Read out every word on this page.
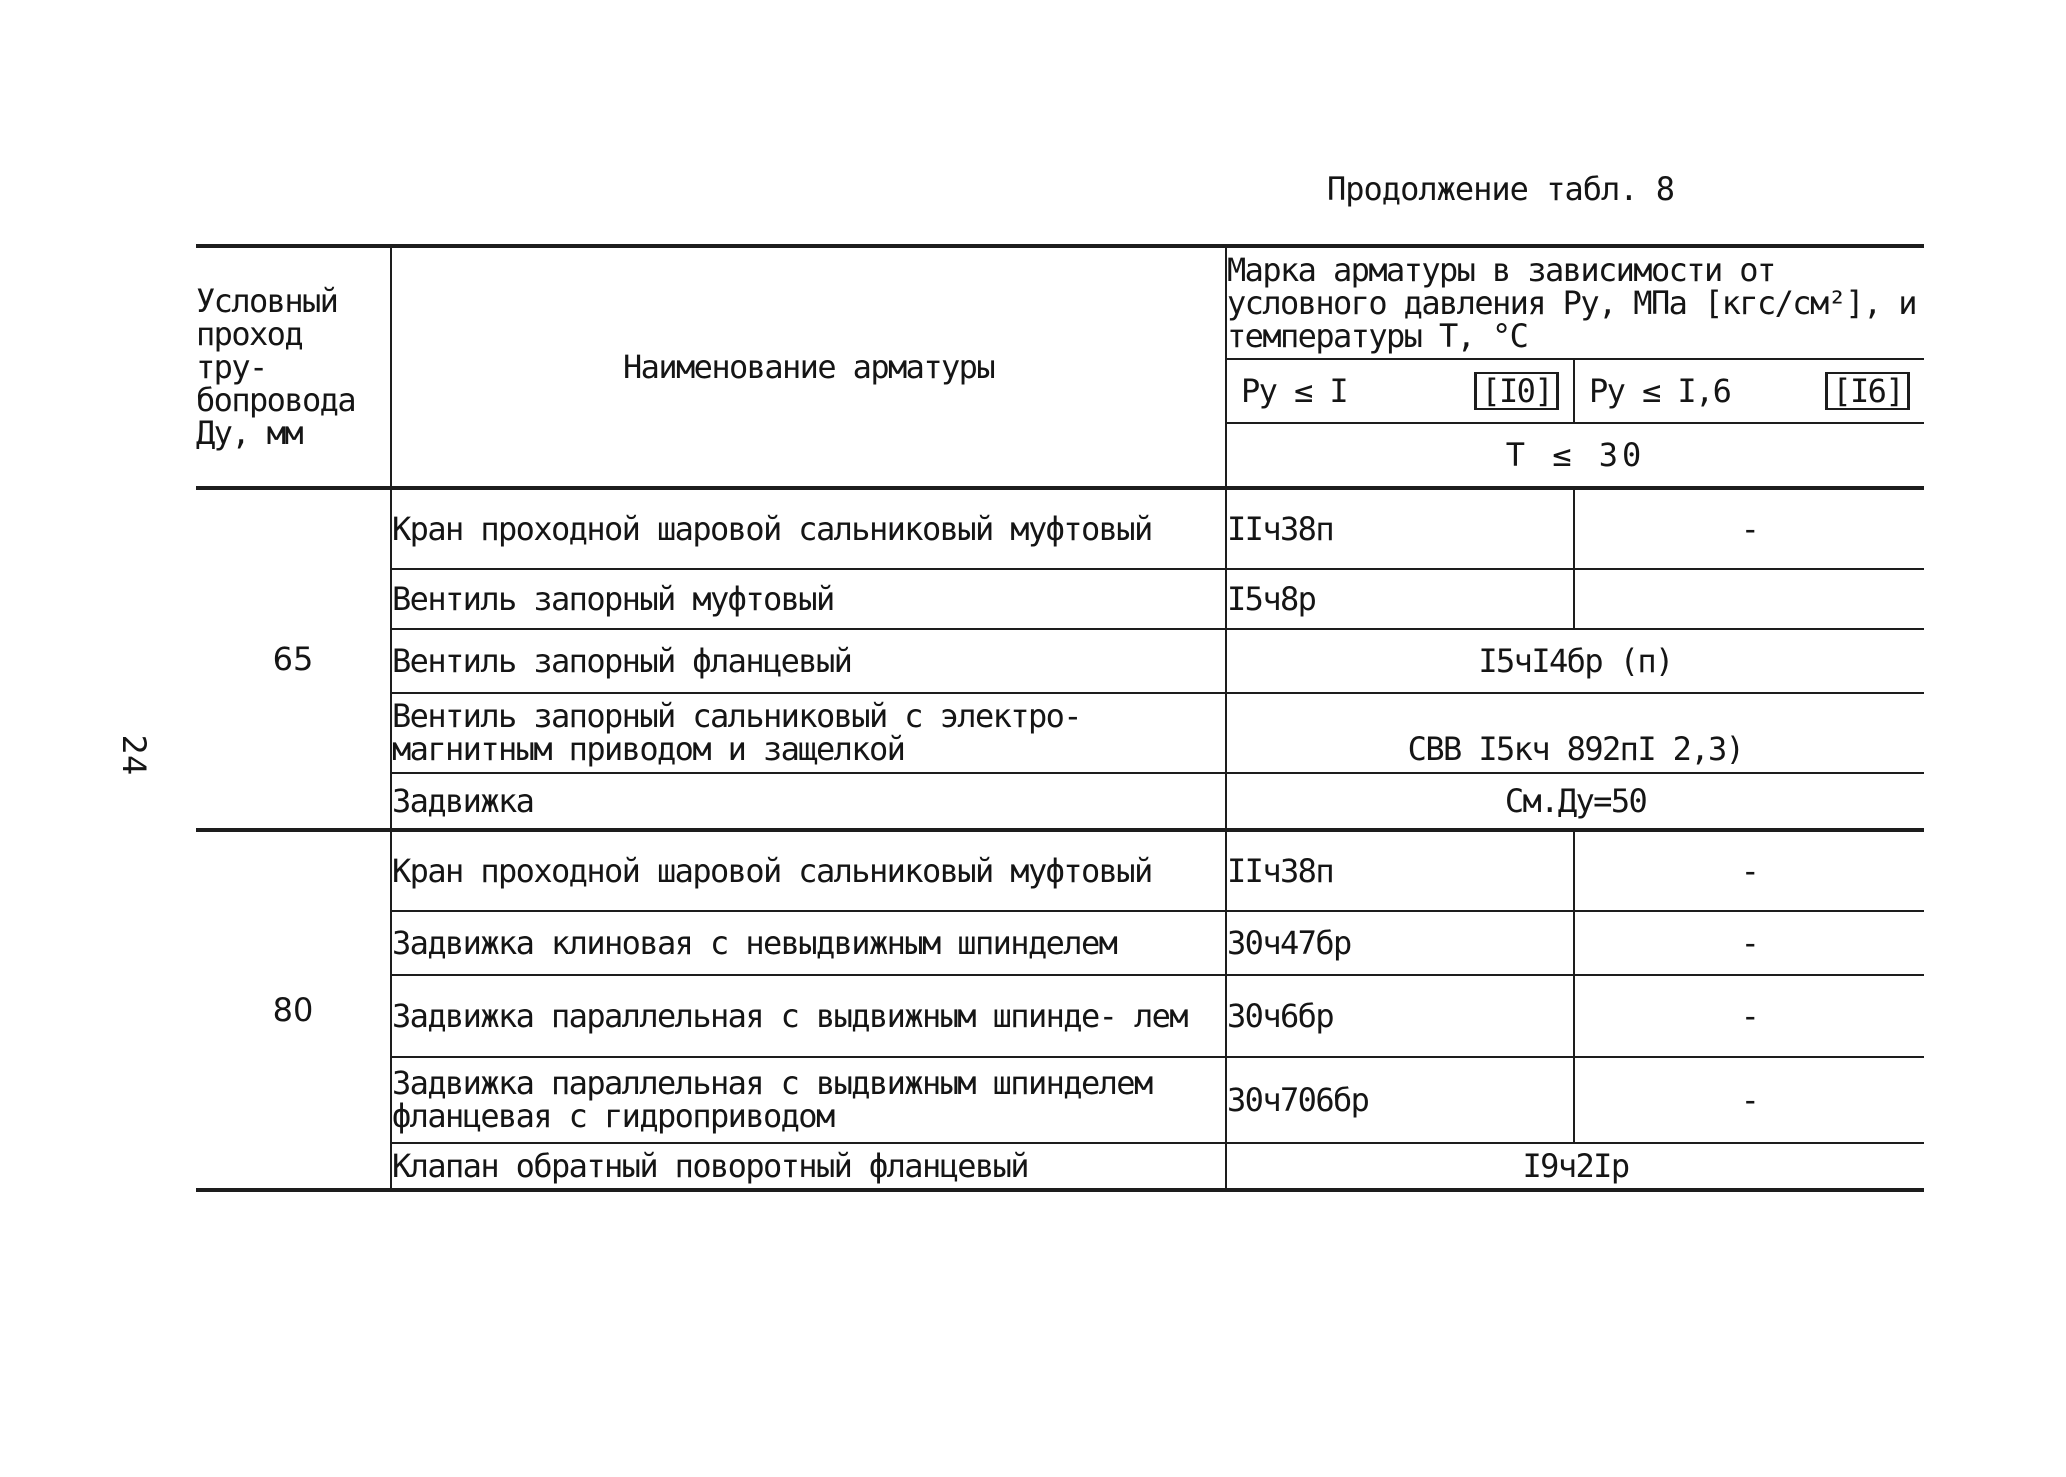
24
Продолжение табл. 8
Условный проход тру- бопровода Ду, мм	Наименование арматуры	Марка арматуры в зависимости от условного давления Ру, МПа [кгс/см²], и температуры Т, °С	

		Ру ≤ I [I0]	Ру ≤ I,6 [I6]

		Т ≤ 30	
65	Кран проходной шаровой сальниковый муфтовый	IIч38п	-
	Вентиль запорный муфтовый	I5ч8р	
	Вентиль запорный фланцевый	I5чI4бр (п)	
	Вентиль запорный сальниковый с электро- магнитным приводом и защелкой	СВВ I5кч 892пI 2,3)	
	Задвижка	См.Ду=50	
80	Кран проходной шаровой сальниковый муфтовый	IIч38п	-
	Задвижка клиновая с невыдвижным шпинделем	30ч47бр	-
	Задвижка параллельная с выдвижным шпинде- лем	30ч6бр	-
	Задвижка параллельная с выдвижным шпинделем фланцевая с гидроприводом	30ч706бр	-
	Клапан обратный поворотный фланцевый	I9ч2Iр	
